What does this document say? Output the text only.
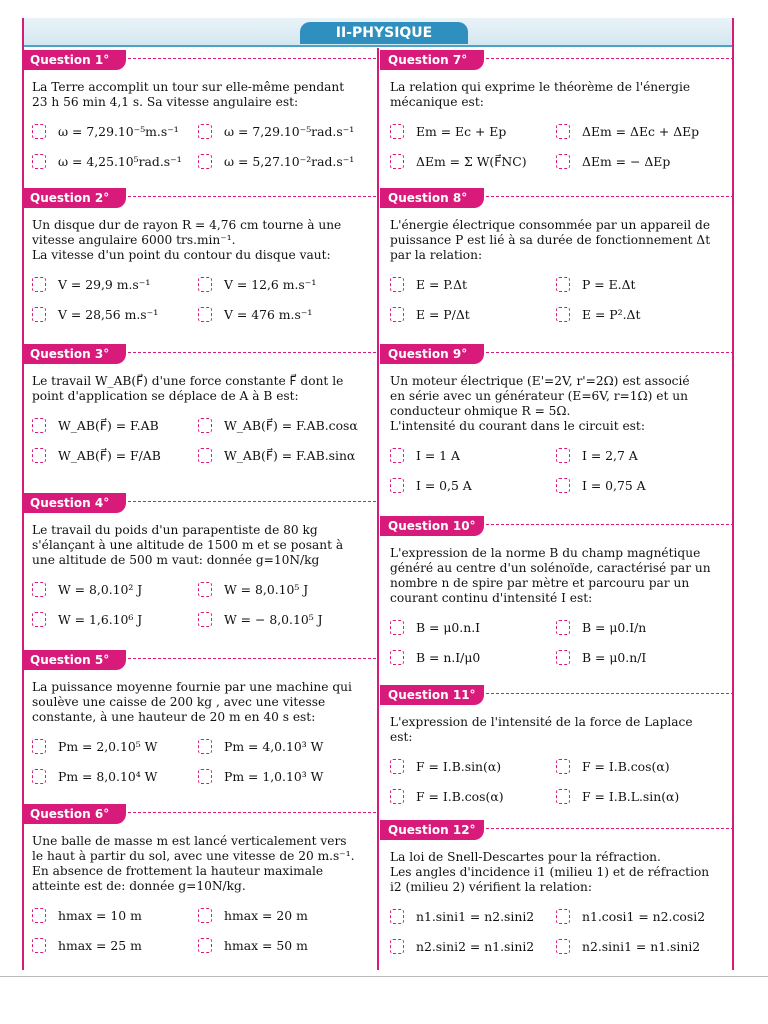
II-PHYSIQUE
Question 1°
La Terre accomplit un tour sur elle-même pendant
23 h 56 min 4,1 s. Sa vitesse angulaire est:
ω = 7,29.10⁻⁵m.s⁻¹	ω = 7,29.10⁻⁵rad.s⁻¹
ω = 4,25.10⁵rad.s⁻¹	ω = 5,27.10⁻²rad.s⁻¹
Question 2°
Un disque dur de rayon R = 4,76 cm tourne à une
vitesse angulaire 6000 trs.min⁻¹.
La vitesse d'un point du contour du disque vaut:
V = 29,9 m.s⁻¹	V = 12,6 m.s⁻¹
V = 28,56 m.s⁻¹	V = 476 m.s⁻¹
Question 3°
Le travail W_AB(F⃗) d'une force constante F⃗ dont le
point d'application se déplace de A à B est:
W_AB(F⃗) = F.AB	W_AB(F⃗) = F.AB.cosα
W_AB(F⃗) = F/AB	W_AB(F⃗) = F.AB.sinα
Question 4°
Le travail du poids d'un parapentiste de 80 kg
s'élançant à une altitude de 1500 m et se posant à
une altitude de 500 m vaut: donnée g=10N/kg
W = 8,0.10² J	W = 8,0.10⁵ J
W = 1,6.10⁶ J	W = − 8,0.10⁵ J
Question 5°
La puissance moyenne fournie par une machine qui
soulève une caisse de 200 kg , avec une vitesse
constante, à une hauteur de 20 m en 40 s est:
Pm = 2,0.10⁵ W	Pm = 4,0.10³ W
Pm = 8,0.10⁴ W	Pm = 1,0.10³ W
Question 6°
Une balle de masse m est lancé verticalement vers
le haut à partir du sol, avec une vitesse de 20 m.s⁻¹.
En absence de frottement la hauteur maximale
atteinte est de: donnée g=10N/kg.
hmax = 10 m	hmax = 20 m
hmax = 25 m	hmax = 50 m
Question 7°
La relation qui exprime le théorème de l'énergie
mécanique est:
Em = Ec + Ep	ΔEm = ΔEc + ΔEp
ΔEm = Σ W(F⃗NC)	ΔEm = − ΔEp
Question 8°
L'énergie électrique consommée par un appareil de
puissance P est lié à sa durée de fonctionnement Δt
par la relation:
E = P.Δt	P = E.Δt
E = P/Δt	E = P².Δt
Question 9°
Un moteur électrique (E'=2V, r'=2Ω) est associé
en série avec un générateur (E=6V, r=1Ω) et un
conducteur ohmique R = 5Ω.
L'intensité du courant dans le circuit est:
I = 1 A	I = 2,7 A
I = 0,5 A	I = 0,75 A
Question 10°
L'expression de la norme B du champ magnétique
généré au centre d'un solénoïde, caractérisé par un
nombre n de spire par mètre et parcouru par un
courant continu d'intensité I est:
B = μ0.n.I	B = μ0.I/n
B = n.I/μ0	B = μ0.n/I
Question 11°
L'expression de l'intensité de la force de Laplace
est:
F = I.B.sin(α)	F = I.B.cos(α)
F = I.B.cos(α)	F = I.B.L.sin(α)
Question 12°
La loi de Snell-Descartes pour la réfraction.
Les angles d'incidence i1 (milieu 1) et de réfraction
i2 (milieu 2) vérifient la relation:
n1.sini1 = n2.sini2	n1.cosi1 = n2.cosi2
n2.sini2 = n1.sini2	n2.sini1 = n1.sini2
